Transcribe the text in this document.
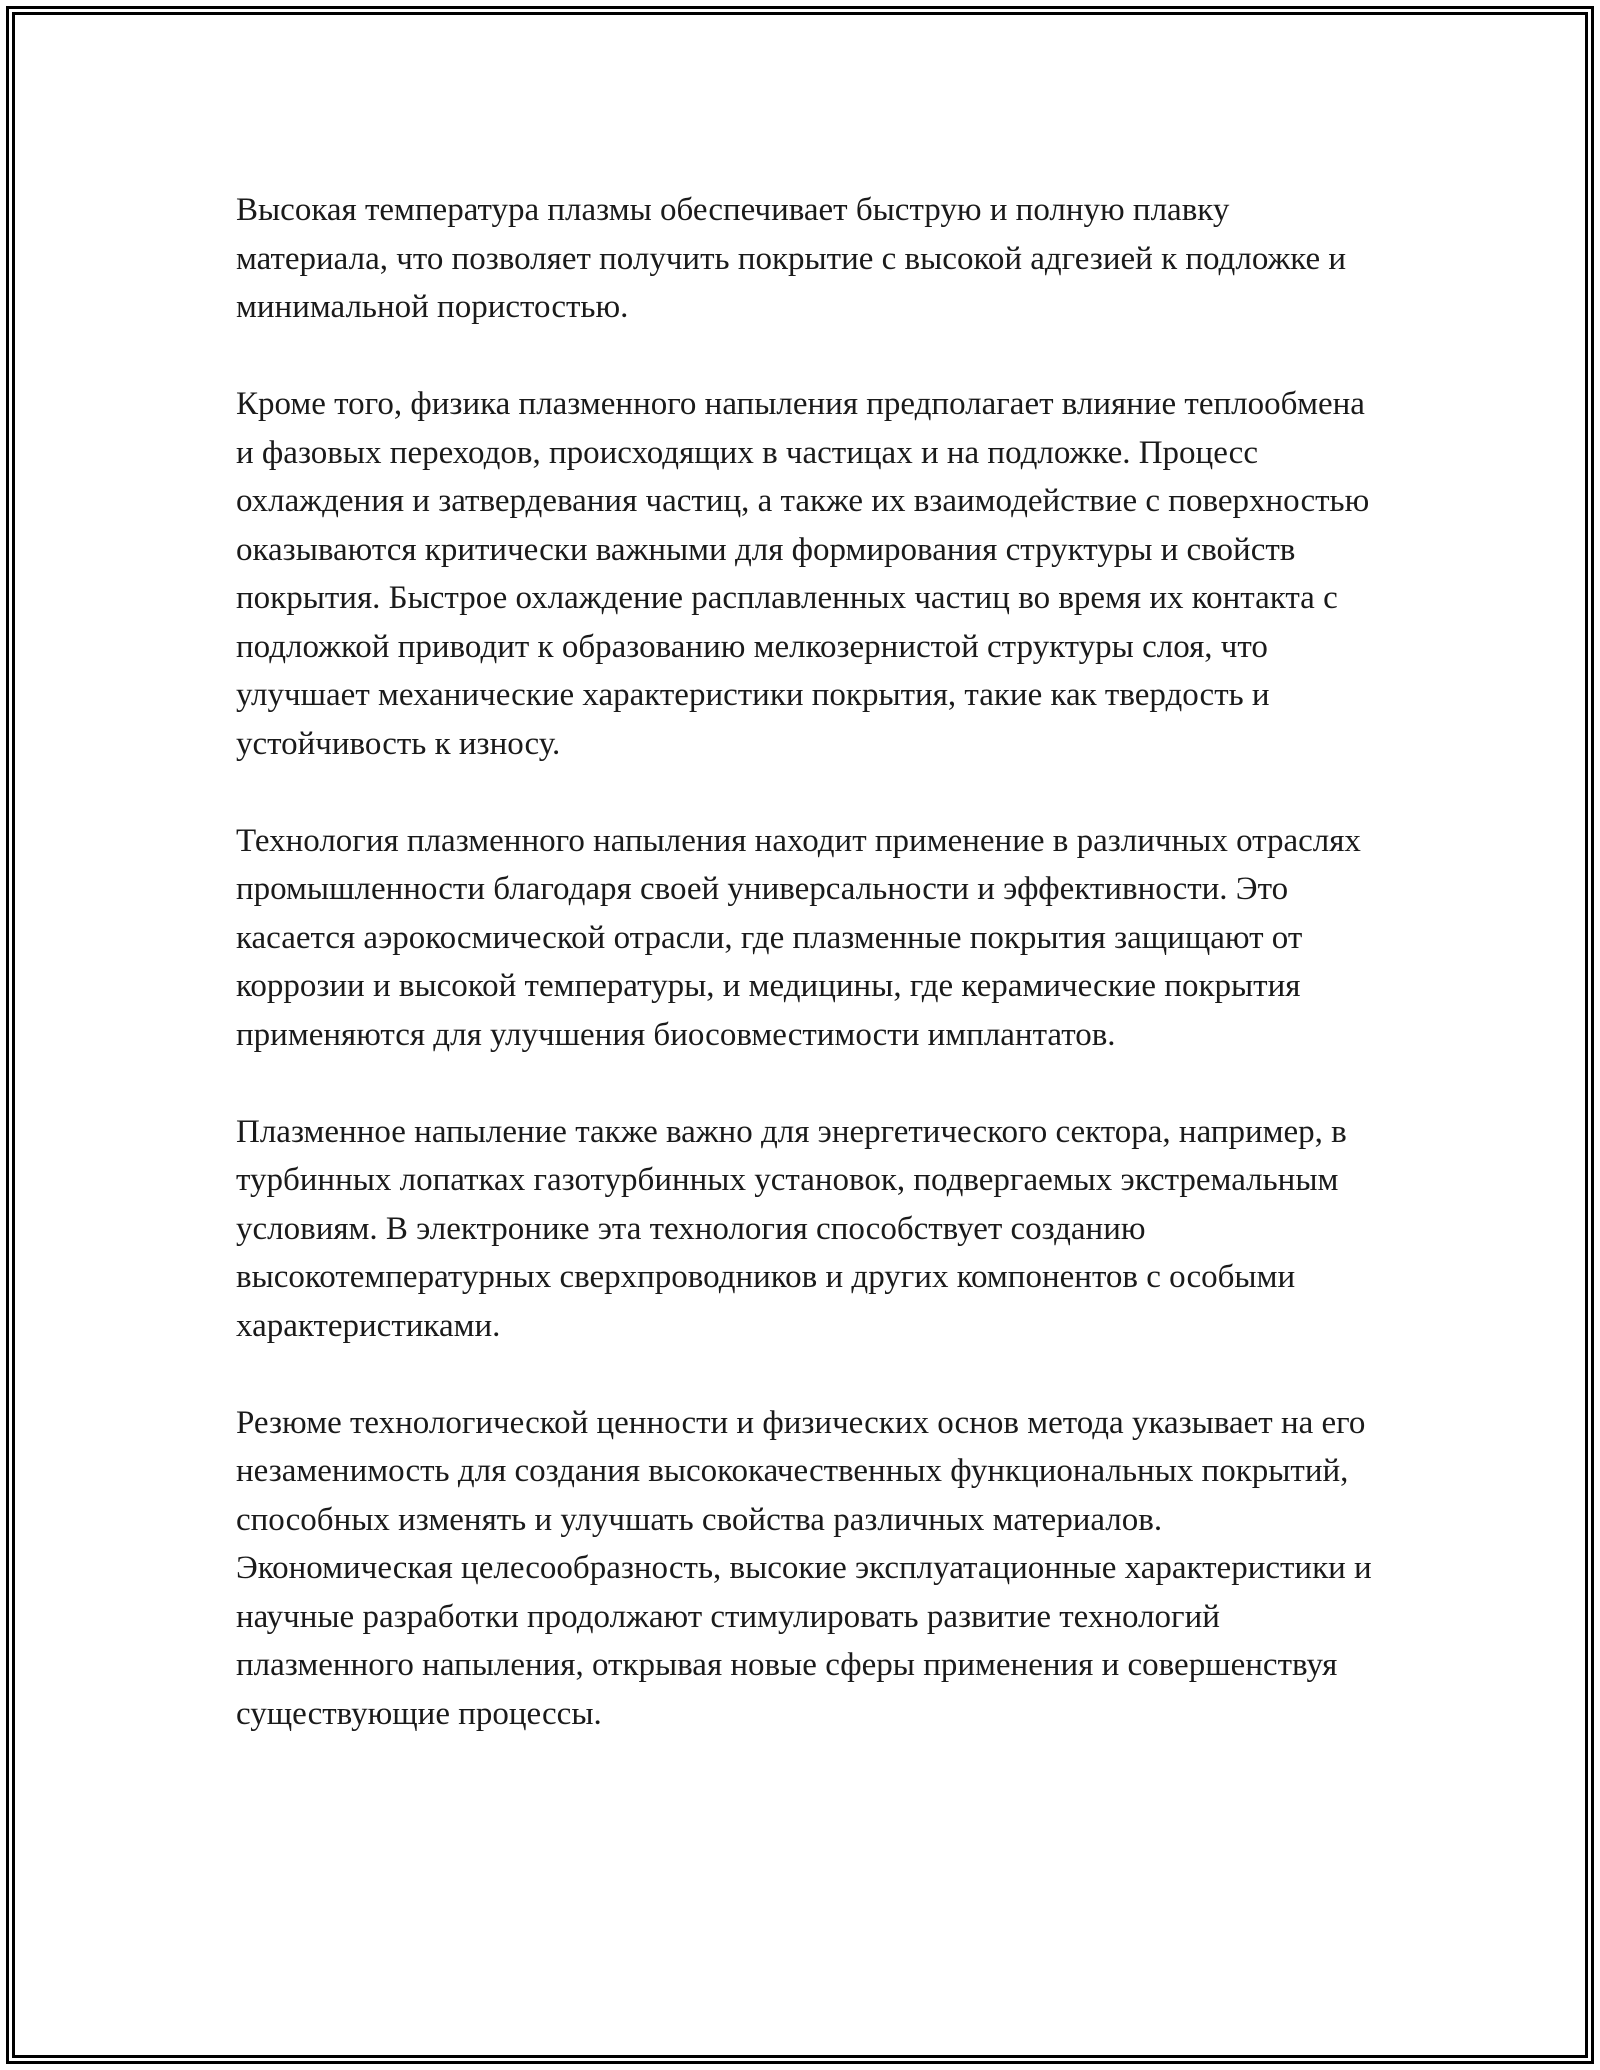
Высокая температура плазмы обеспечивает быструю и полную плавку материала, что позволяет получить покрытие с высокой адгезией к подложке и минимальной пористостью.

Кроме того, физика плазменного напыления предполагает влияние теплообмена и фазовых переходов, происходящих в частицах и на подложке. Процесс охлаждения и затвердевания частиц, а также их взаимодействие с поверхностью оказываются критически важными для формирования структуры и свойств покрытия. Быстрое охлаждение расплавленных частиц во время их контакта с подложкой приводит к образованию мелкозернистой структуры слоя, что улучшает механические характеристики покрытия, такие как твердость и устойчивость к износу.

Технология плазменного напыления находит применение в различных отраслях промышленности благодаря своей универсальности и эффективности. Это касается аэрокосмической отрасли, где плазменные покрытия защищают от коррозии и высокой температуры, и медицины, где керамические покрытия применяются для улучшения биосовместимости имплантатов.

Плазменное напыление также важно для энергетического сектора, например, в турбинных лопатках газотурбинных установок, подвергаемых экстремальным условиям. В электронике эта технология способствует созданию высокотемпературных сверхпроводников и других компонентов с особыми характеристиками.

Резюме технологической ценности и физических основ метода указывает на его незаменимость для создания высококачественных функциональных покрытий, способных изменять и улучшать свойства различных материалов. Экономическая целесообразность, высокие эксплуатационные характеристики и научные разработки продолжают стимулировать развитие технологий плазменного напыления, открывая новые сферы применения и совершенствуя существующие процессы.
